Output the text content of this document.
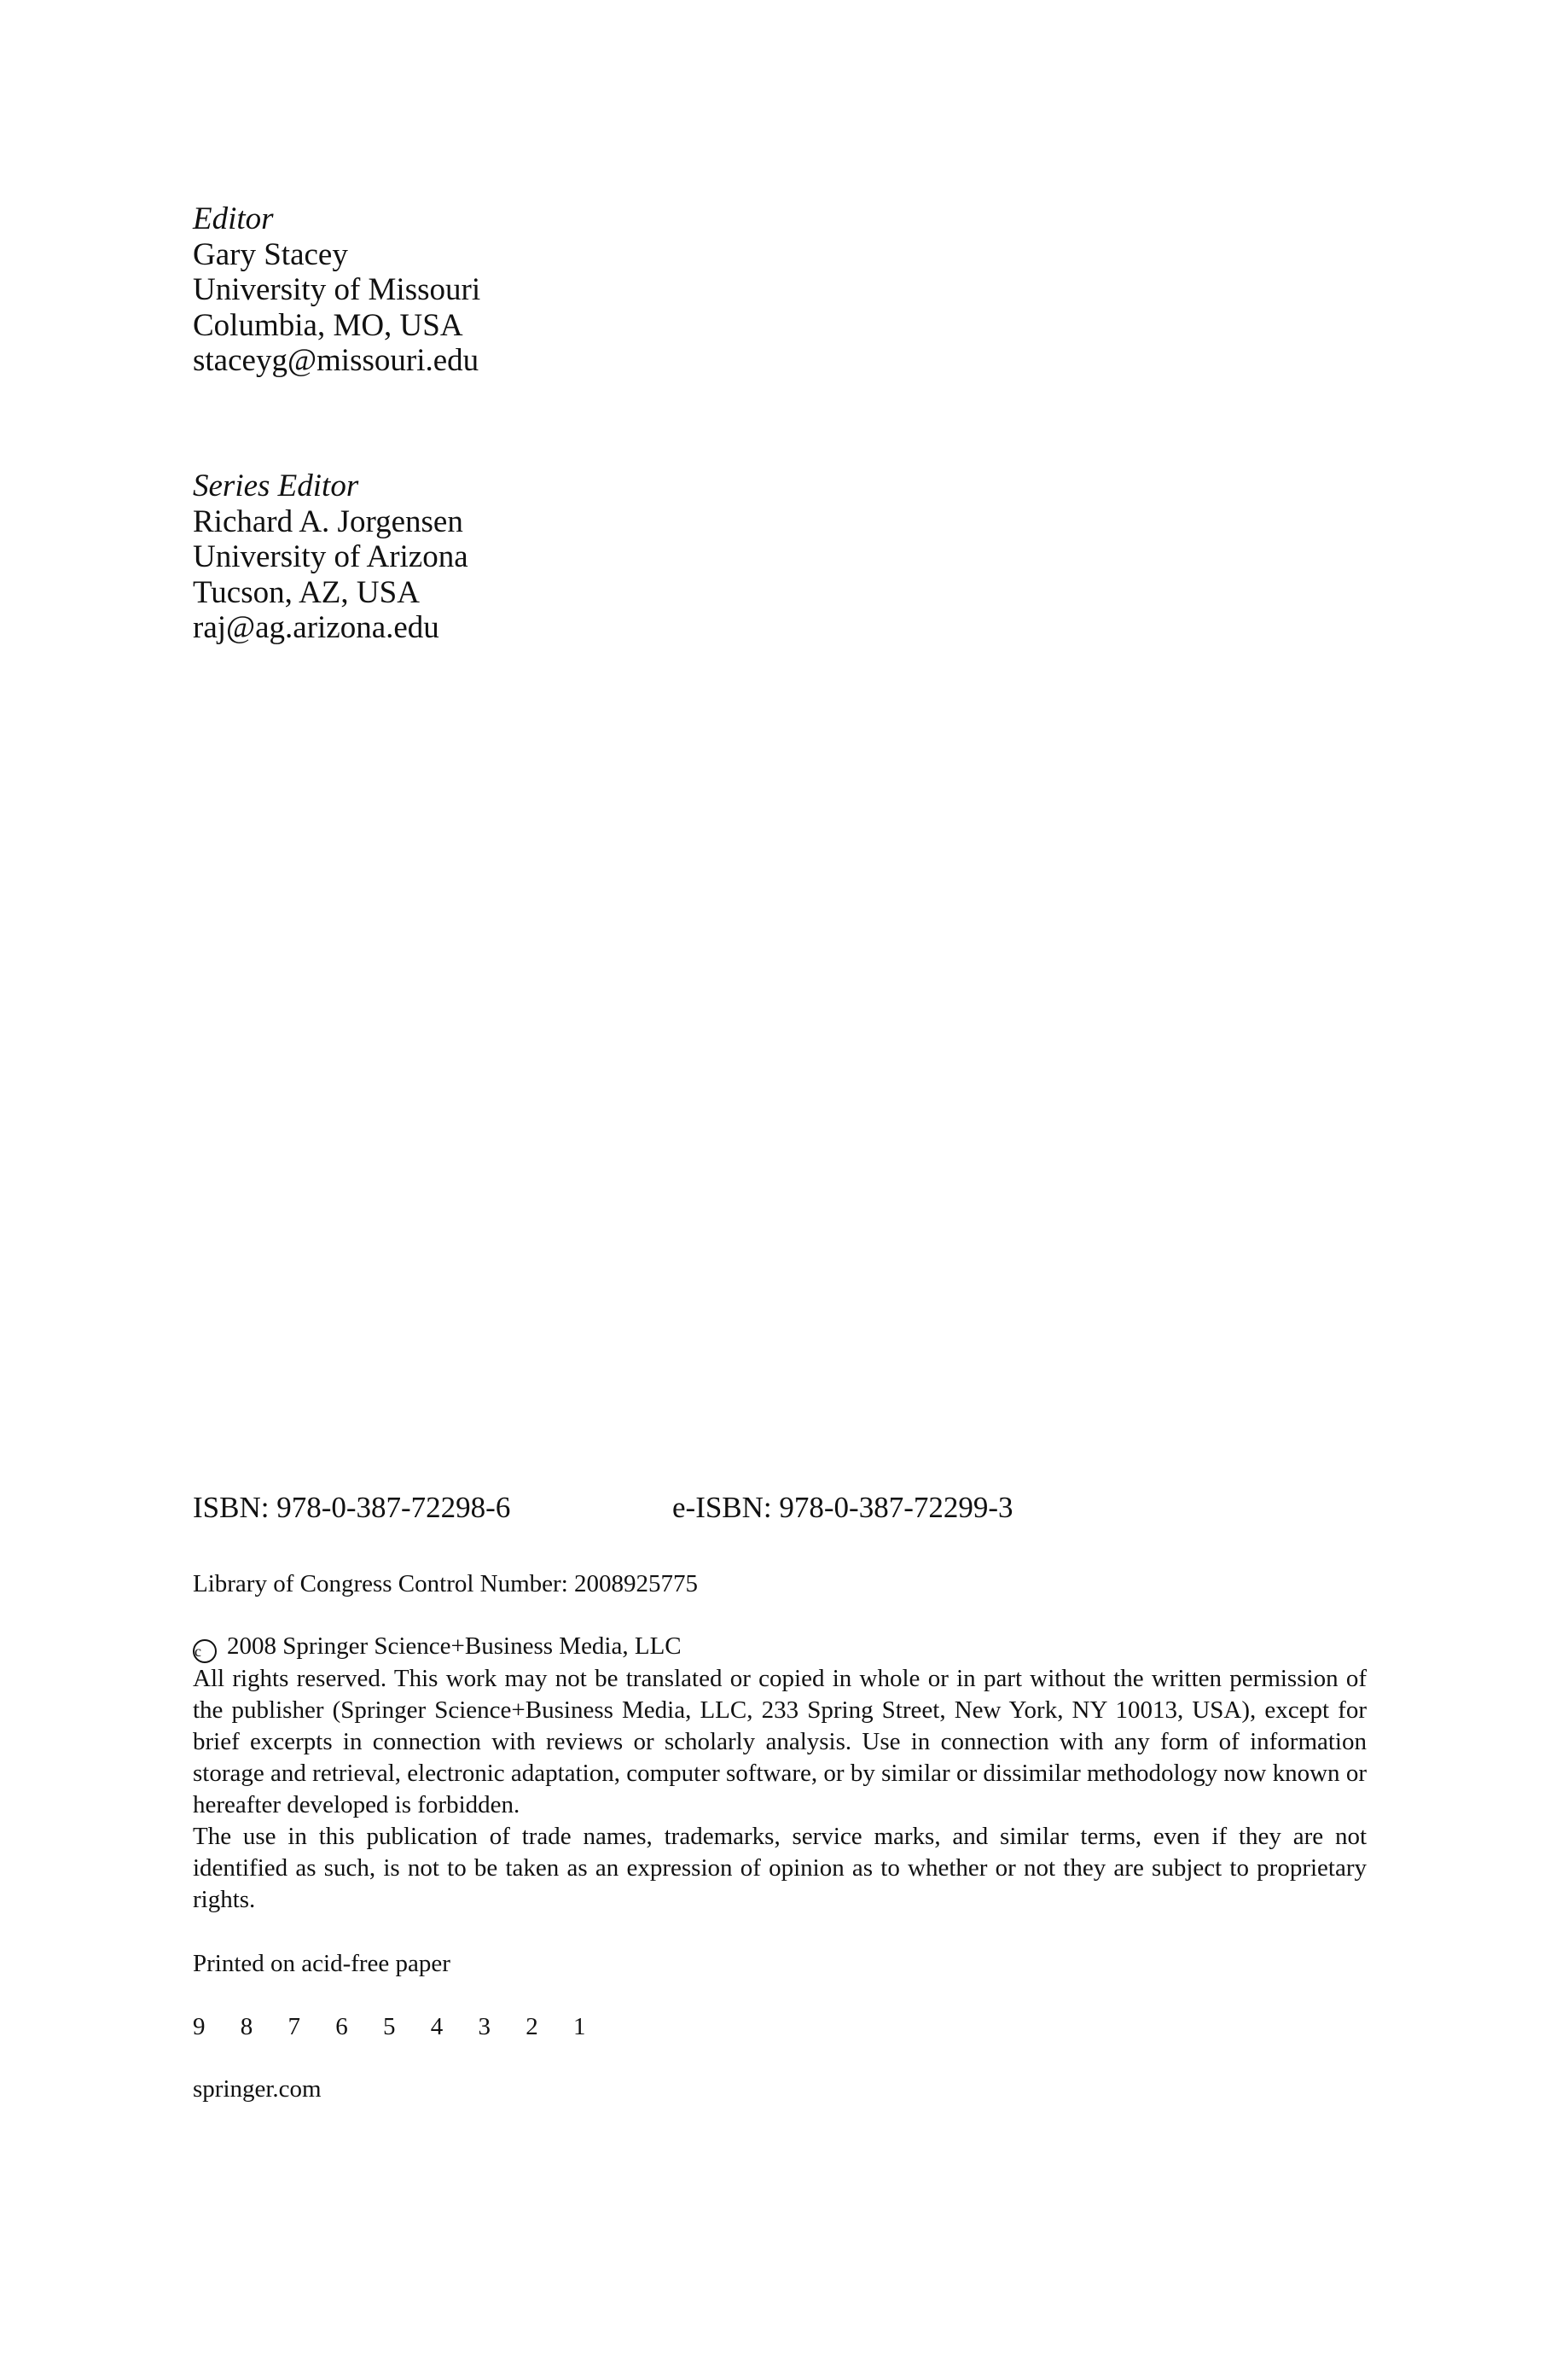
Editor
Gary Stacey
University of Missouri
Columbia, MO, USA
staceyg@missouri.edu
Series Editor
Richard A. Jorgensen
University of Arizona
Tucson, AZ, USA
raj@ag.arizona.edu
ISBN: 978-0-387-72298-6	e-ISBN: 978-0-387-72299-3
Library of Congress Control Number: 2008925775

c 2008 Springer Science+Business Media, LLC

All rights reserved. This work may not be translated or copied in whole or in part without the written permission of the publisher (Springer Science+Business Media, LLC, 233 Spring Street, New York, NY 10013, USA), except for brief excerpts in connection with reviews or scholarly analysis. Use in connection with any form of information storage and retrieval, electronic adaptation, computer software, or by similar or dissimilar methodology now known or hereafter developed is forbidden.

The use in this publication of trade names, trademarks, service marks, and similar terms, even if they are not identified as such, is not to be taken as an expression of opinion as to whether or not they are subject to proprietary rights.

Printed on acid-free paper
9 8 7 6 5 4 3 2 1
springer.com
